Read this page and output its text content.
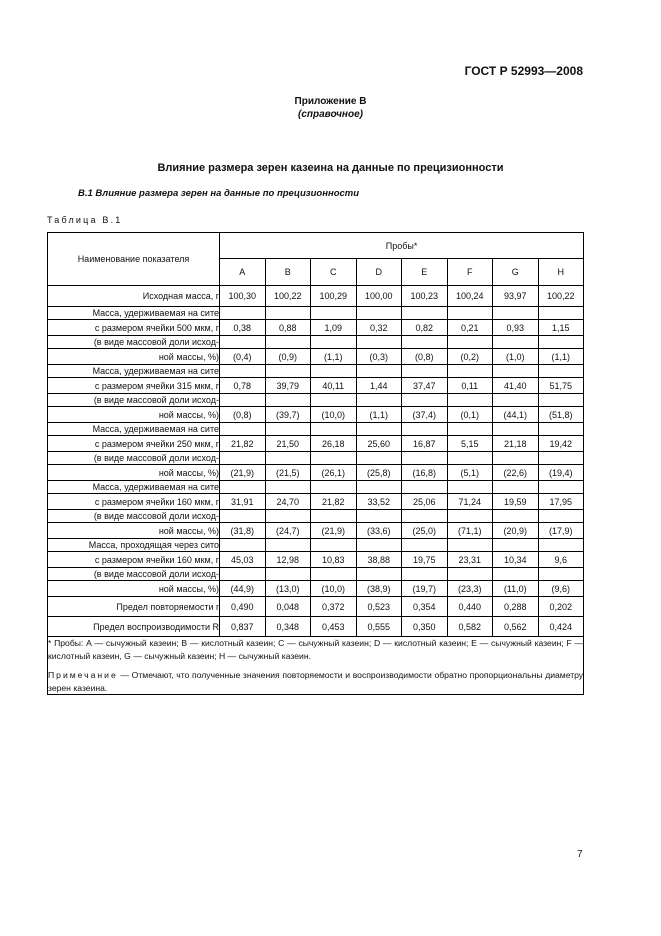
ГОСТ Р 52993—2008
Приложение В
(справочное)
Влияние размера зерен казеина на данные по прецизионности
В.1 Влияние размера зерен на данные по прецизионности
Таблица В.1
Наименование показателя	Пробы*							
	A	B	C	D	E	F	G	H
Исходная масса, г	100,30	100,22	100,29	100,00	100,23	100,24	93,97	100,22
Масса, удерживаемая на сите								
с размером ячейки 500 мкм, г	0,38	0,88	1,09	0,32	0,82	0,21	0,93	1,15
(в виде массовой доли исход-								
ной массы, %)	(0,4)	(0,9)	(1,1)	(0,3)	(0,8)	(0,2)	(1,0)	(1,1)
Масса, удерживаемая на сите								
с размером ячейки 315 мкм, г	0,78	39,79	40,11	1,44	37,47	0,11	41,40	51,75
(в виде массовой доли исход-								
ной массы, %)	(0,8)	(39,7)	(10,0)	(1,1)	(37,4)	(0,1)	(44,1)	(51,8)
Масса, удерживаемая на сите								
с размером ячейки 250 мкм, г	21,82	21,50	26,18	25,60	16,87	5,15	21,18	19,42
(в виде массовой доли исход-								
ной массы, %)	(21,9)	(21,5)	(26,1)	(25,8)	(16,8)	(5,1)	(22,6)	(19,4)
Масса, удерживаемая на сите								
с размером ячейки 160 мкм, г	31,91	24,70	21,82	33,52	25,06	71,24	19,59	17,95
(в виде массовой доли исход-								
ной массы, %)	(31,8)	(24,7)	(21,9)	(33,6)	(25,0)	(71,1)	(20,9)	(17,9)
Масса, проходящая через сито								
с размером ячейки 160 мкм, г	45,03	12,98	10,83	38,88	19,75	23,31	10,34	9,6
(в виде массовой доли исход-								
ной массы, %)	(44,9)	(13,0)	(10,0)	(38,9)	(19,7)	(23,3)	(11,0)	(9,6)
Предел повторяемости r	0,490	0,048	0,372	0,523	0,354	0,440	0,288	0,202
Предел воспроизводимости R	0,837	0,348	0,453	0,555	0,350	0,582	0,562	0,424

* Пробы: А — сычужный казеин; В — кислотный казеин; С — сычужный казеин; D — кислотный казеин; Е — сычужный казеин; F — кислотный казеин, G — сычужный казеин; Н — сычужный казеин.

Примечание — Отмечают, что полученные значения повторяемости и воспроизводимости обратно пропорциональны диаметру зерен казеина.								

7
